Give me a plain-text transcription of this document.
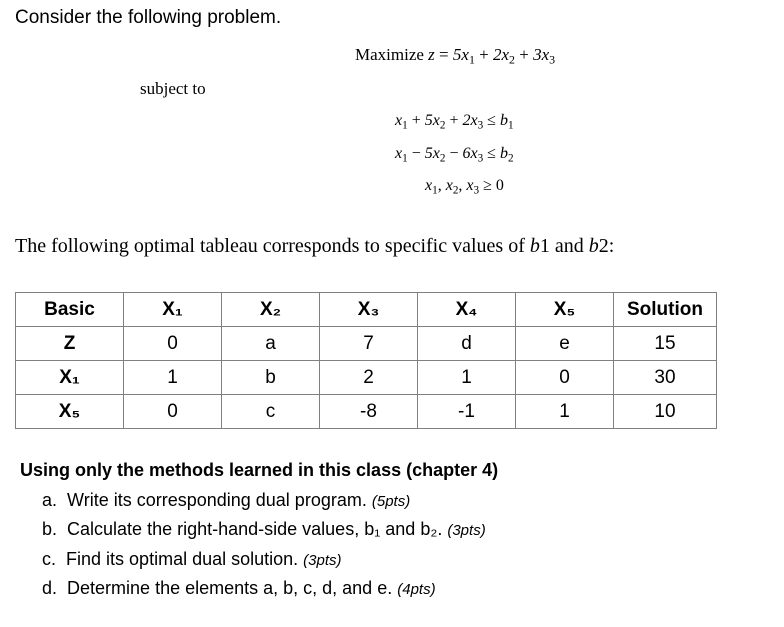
Consider the following problem.
Maximize $z = 5x_1 + 2x_2 + 3x_3$
subject to
$x_1 + 5x_2 + 2x_3 \le b_1$
$x_1 - 5x_2 - 6x_3 \le b_2$
$x_1$, $x_2$, $x_3 \ge 0$
The following optimal tableau corresponds to specific values of b1 and b2:
Basic	X₁	X₂	X₃	X₄	X₅	Solution
Z	0	a	7	d	e	15
X₁	1	b	2	1	0	30
X₅	0	c	-8	-1	1	10
Using only the methods learned in this class (chapter 4)
a. Write its corresponding dual program. (5pts)
b. Calculate the right-hand-side values, b₁ and b₂. (3pts)
c. Find its optimal dual solution. (3pts)
d. Determine the elements a, b, c, d, and e. (4pts)
